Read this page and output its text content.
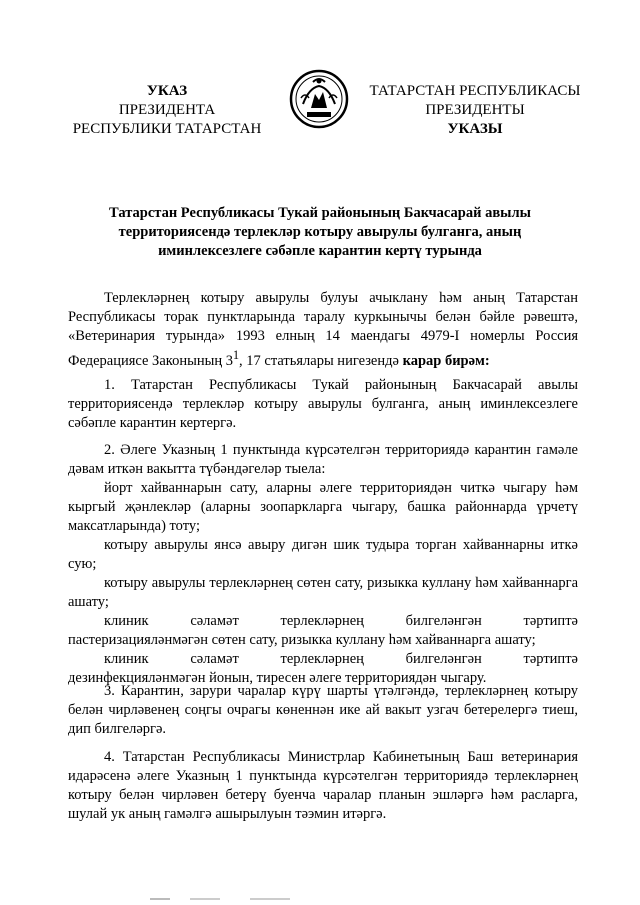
УКАЗ
ПРЕЗИДЕНТА
РЕСПУБЛИКИ ТАТАРСТАН
ТАТАРСТАН РЕСПУБЛИКАСЫ
ПРЕЗИДЕНТЫ
УКАЗЫ
Татарстан Республикасы Тукай районының Бакчасарай авылы
территориясендә терлекләр котыру авырулы булганга, аның
иминлексезлеге сәбәпле карантин кертү турында

Терлекләрнең котыру авырулы булуы ачыклану һәм аның Татарстан Республикасы торак пунктларында таралу куркынычы белән бәйле рәвештә, «Ветеринария турында» 1993 елның 14 маендагы 4979-I номерлы Россия Федерациясе Законының $3^1$, 17 статьялары нигезендә карар бирәм:

1. Татарстан Республикасы Тукай районының Бакчасарай авылы территориясендә терлекләр котыру авырулы булганга, аның иминлексезлеге сәбәпле карантин кертергә.

2. Әлеге Указның 1 пунктында күрсәтелгән территориядә карантин гамәле дәвам иткән вакытта түбәндәгеләр тыела:

йорт хайваннарын сату, аларны әлеге территориядән читкә чыгару һәм кыргый җәнлекләр (аларны зоопаркларга чыгару, башка районнарда үрчетү максатларында) тоту;

котыру авырулы янсә авыру дигән шик тудыра торган хайваннарны иткә сую;

котыру авырулы терлекләрнең сөтен сату, ризыкка куллану һәм хайваннарга ашату;

клиник	сәламәт	терлекләрнең	билгеләнгән	тәртиптә

пастеризацияләнмәгән сөтен сату, ризыкка куллану һәм хайваннарга ашату;

клиник	сәламәт	терлекләрнең	билгеләнгән	тәртиптә

дезинфекцияләнмәгән йонын, тиресен әлеге территориядән чыгару.

3. Карантин, зарури чаралар күрү шарты үтәлгәндә, терлекләрнең котыру белән чирләвенең соңгы очрагы көненнән ике ай вакыт узгач бетерелергә тиеш, дип билгеләргә.

4. Татарстан Республикасы Министрлар Кабинетының Баш ветеринария идарәсенә әлеге Указның 1 пунктында күрсәтелгән территориядә терлекләрнең котыру белән чирләвен бетерү буенча чаралар планын эшләргә һәм расларга, шулай ук аның гамәлгә ашырылуын тәэмин итәргә.
